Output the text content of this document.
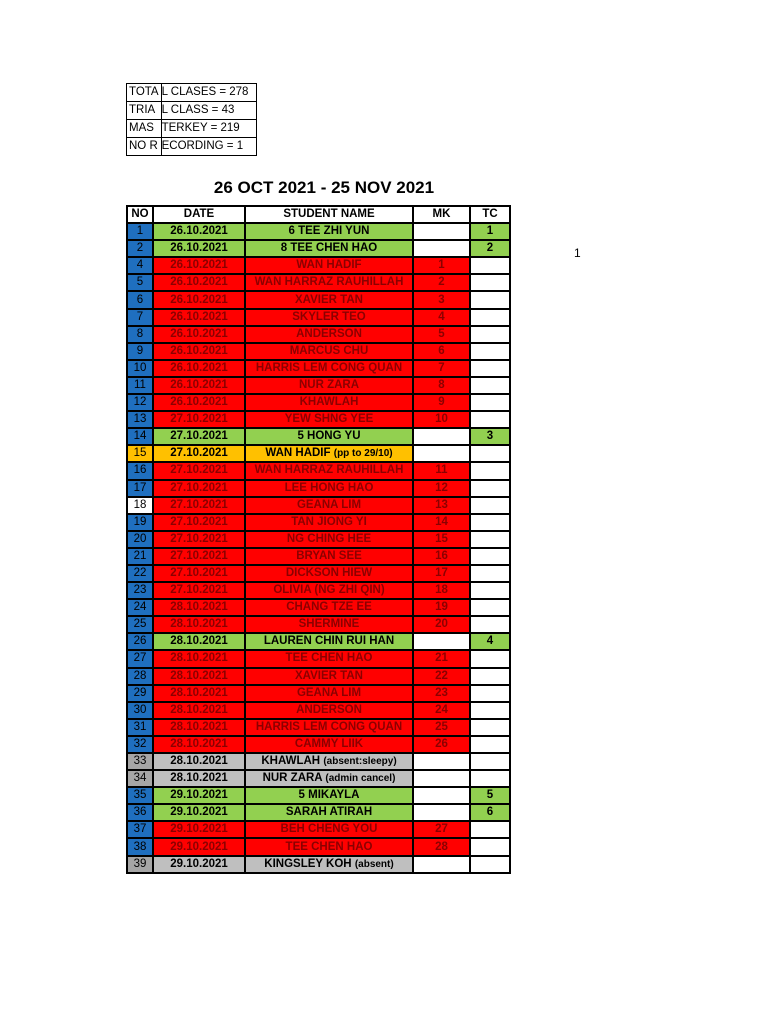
TOTA	L CLASES = 278
TRIA	L CLASS = 43
MAS	TERKEY = 219
NO R	ECORDING = 1
26 OCT 2021 - 25 NOV 2021
1
NO	DATE	STUDENT NAME	MK	TC
1	26.10.2021	6 TEE ZHI YUN		1
2	26.10.2021	8 TEE CHEN HAO		2
4	26.10.2021	WAN HADIF	1	
5	26.10.2021	WAN HARRAZ RAUHILLAH	2	
6	26.10.2021	XAVIER TAN	3	
7	26.10.2021	SKYLER TEO	4	
8	26.10.2021	ANDERSON	5	
9	26.10.2021	MARCUS CHU	6	
10	26.10.2021	HARRIS LEM CONG QUAN	7	
11	26.10.2021	NUR ZARA	8	
12	26.10.2021	KHAWLAH	9	
13	27.10.2021	YEW SHNG YEE	10	
14	27.10.2021	5 HONG YU		3
15	27.10.2021	WAN HADIF (pp to 29/10)		
16	27.10.2021	WAN HARRAZ RAUHILLAH	11	
17	27.10.2021	LEE HONG HAO	12	
18	27.10.2021	GEANA LIM	13	
19	27.10.2021	TAN JIONG YI	14	
20	27.10.2021	NG CHING HEE	15	
21	27.10.2021	BRYAN SEE	16	
22	27.10.2021	DICKSON HIEW	17	
23	27.10.2021	OLIVIA (NG ZHI QIN)	18	
24	28.10.2021	CHANG TZE EE	19	
25	28.10.2021	SHERMINE	20	
26	28.10.2021	LAUREN CHIN RUI HAN		4
27	28.10.2021	TEE CHEN HAO	21	
28	28.10.2021	XAVIER TAN	22	
29	28.10.2021	GEANA LIM	23	
30	28.10.2021	ANDERSON	24	
31	28.10.2021	HARRIS LEM CONG QUAN	25	
32	28.10.2021	CAMMY LIIK	26	
33	28.10.2021	KHAWLAH (absent:sleepy)		
34	28.10.2021	NUR ZARA (admin cancel)		
35	29.10.2021	5 MIKAYLA		5
36	29.10.2021	SARAH ATIRAH		6
37	29.10.2021	BEH CHENG YOU	27	
38	29.10.2021	TEE CHEN HAO	28	
39	29.10.2021	KINGSLEY KOH (absent)		
